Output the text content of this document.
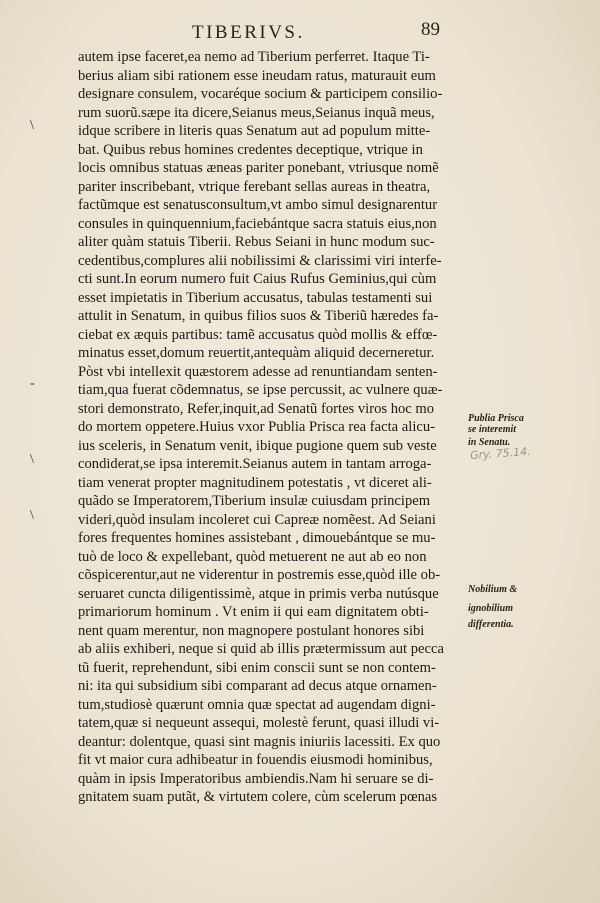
TIBERIVS.	89
autem ipse faceret,ea nemo ad Tiberium perferret. Itaque Ti-
berius aliam sibi rationem esse ineudam ratus, maturauit eum
designare consulem, vocaréque socium & participem consilio-
rum suorũ.sæpe ita dicere,Seianus meus,Seianus inquã meus,
idque scribere in literis quas Senatum aut ad populum mitte-
bat. Quibus rebus homines credentes deceptique, vtrique in
locis omnibus statuas æneas pariter ponebant, vtriusque nomẽ
pariter inscribebant, vtrique ferebant sellas aureas in theatra,
factũmque est senatusconsultum,vt ambo simul designarentur
consules in quinquennium,faciebántque sacra statuis eius,non
aliter quàm statuis Tiberii. Rebus Seiani in hunc modum suc-
cedentibus,complures alii nobilissimi & clarissimi viri interfe-
cti sunt.In eorum numero fuit Caius Rufus Geminius,qui cùm
esset impietatis in Tiberium accusatus, tabulas testamenti sui
attulit in Senatum, in quibus filios suos & Tiberiũ hæredes fa-
ciebat ex æquis partibus: tamẽ accusatus quòd mollis & effœ-
minatus esset,domum reuertit,antequàm aliquid decerneretur.
Pòst vbi intellexit quæstorem adesse ad renuntiandam senten-
tiam,qua fuerat cõdemnatus, se ipse percussit, ac vulnere quæ-
stori demonstrato, Refer,inquit,ad Senatũ fortes viros hoc mo
do mortem oppetere.Huius vxor Publia Prisca rea facta alicu-
ius sceleris, in Senatum venit, ibique pugione quem sub veste
condiderat,se ipsa interemit.Seianus autem in tantam arroga-
tiam venerat propter magnitudinem potestatis , vt diceret ali-
quãdo se Imperatorem,Tiberium insulæ cuiusdam principem
videri,quòd insulam incoleret cui Capreæ nomẽest. Ad Seiani
fores frequentes homines assistebant , dimouebántque se mu-
tuò de loco & expellebant, quòd metuerent ne aut ab eo non
cõspicerentur,aut ne viderentur in postremis esse,quòd ille ob-
seruaret cuncta diligentissimè, atque in primis verba nutúsque
primariorum hominum . Vt enim ii qui eam dignitatem obti-
nent quam merentur, non magnopere postulant honores sibi
ab aliis exhiberi, neque si quid ab illis prætermissum aut pecca
tũ fuerit, reprehendunt, sibi enim conscii sunt se non contem-
ni: ita qui subsidium sibi comparant ad decus atque ornamen-
tum,studiosè quærunt omnia quæ spectat ad augendam digni-
tatem,quæ si nequeunt assequi, molestè ferunt, quasi illudi vi-
deantur: dolentque, quasi sint magnis iniuriis lacessiti. Ex quo
fit vt maior cura adhibeatur in fouendis eiusmodi hominibus,
quàm in ipsis Imperatoribus ambiendis.Nam hi seruare se di-
gnitatem suam putãt, & virtutem colere, cùm scelerum pœnas
\
-
\
\
Publia Prisca
se interemit
in Senatu.
Gry. 75.14.
Nobilium &
ignobilium
differentia.
